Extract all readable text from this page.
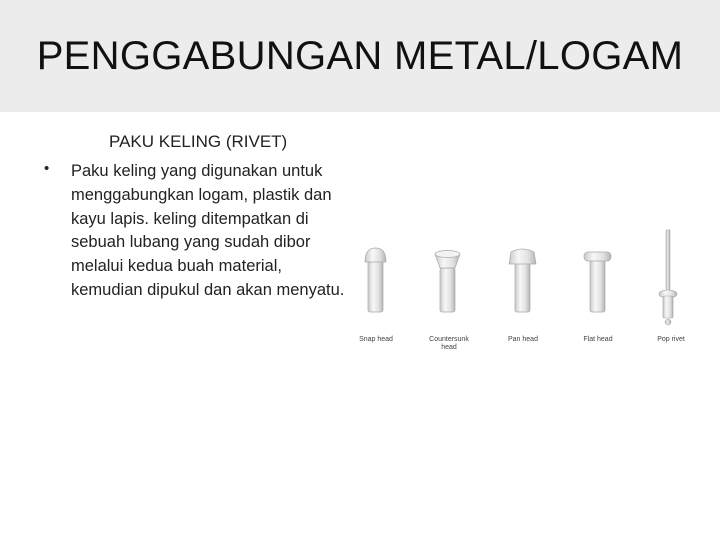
PENGGABUNGAN METAL/LOGAM
PAKU KELING (RIVET)
• Paku keling yang digunakan untuk menggabungkan logam, plastik dan kayu lapis. keling ditempatkan di sebuah lubang yang sudah dibor melalui kedua buah material, kemudian dipukul dan akan menyatu.
Snap head	Countersunk head
Pan head	Flat head	Pop rivet
